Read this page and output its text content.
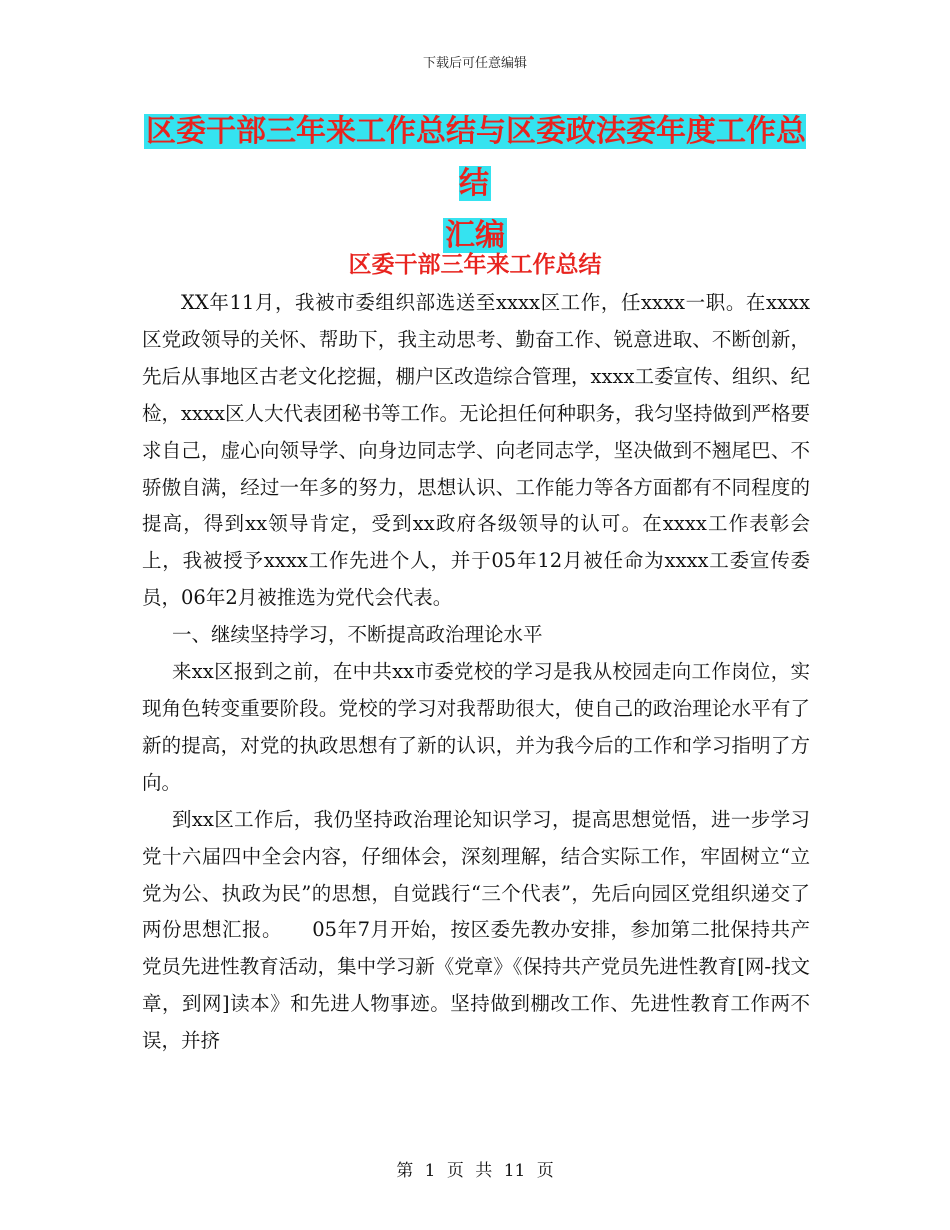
下载后可任意编辑
区委干部三年来工作总结与区委政法委年度工作总结
汇编
区委干部三年来工作总结

XX年11月，我被市委组织部选送至xxxx区工作，任xxxx一职。在xxxx区党政领导的关怀、帮助下，我主动思考、勤奋工作、锐意进取、不断创新，先后从事地区古老文化挖掘，棚户区改造综合管理，xxxx工委宣传、组织、纪检，xxxx区人大代表团秘书等工作。无论担任何种职务，我匀坚持做到严格要求自己，虚心向领导学、向身边同志学、向老同志学，坚决做到不翘尾巴、不骄傲自满，经过一年多的努力，思想认识、工作能力等各方面都有不同程度的提高，得到xx领导肯定，受到xx政府各级领导的认可。在xxxx工作表彰会上，我被授予xxxx工作先进个人，并于05年12月被任命为xxxx工委宣传委员，06年2月被推选为党代会代表。

一、继续坚持学习，不断提高政治理论水平

来xx区报到之前，在中共xx市委党校的学习是我从校园走向工作岗位，实现角色转变重要阶段。党校的学习对我帮助很大，使自己的政治理论水平有了新的提高，对党的执政思想有了新的认识，并为我今后的工作和学习指明了方向。

到xx区工作后，我仍坚持政治理论知识学习，提高思想觉悟，进一步学习党十六届四中全会内容，仔细体会，深刻理解，结合实际工作，牢固树立“立党为公、执政为民”的思想，自觉践行“三个代表”，先后向园区党组织递交了两份思想汇报。　　05年7月开始，按区委先教办安排，参加第二批保持共产党员先进性教育活动，集中学习新《党章》《保持共产党员先进性教育[网-找文章，到网]读本》和先进人物事迹。坚持做到棚改工作、先进性教育工作两不误，并挤

第 1 页 共 11 页
